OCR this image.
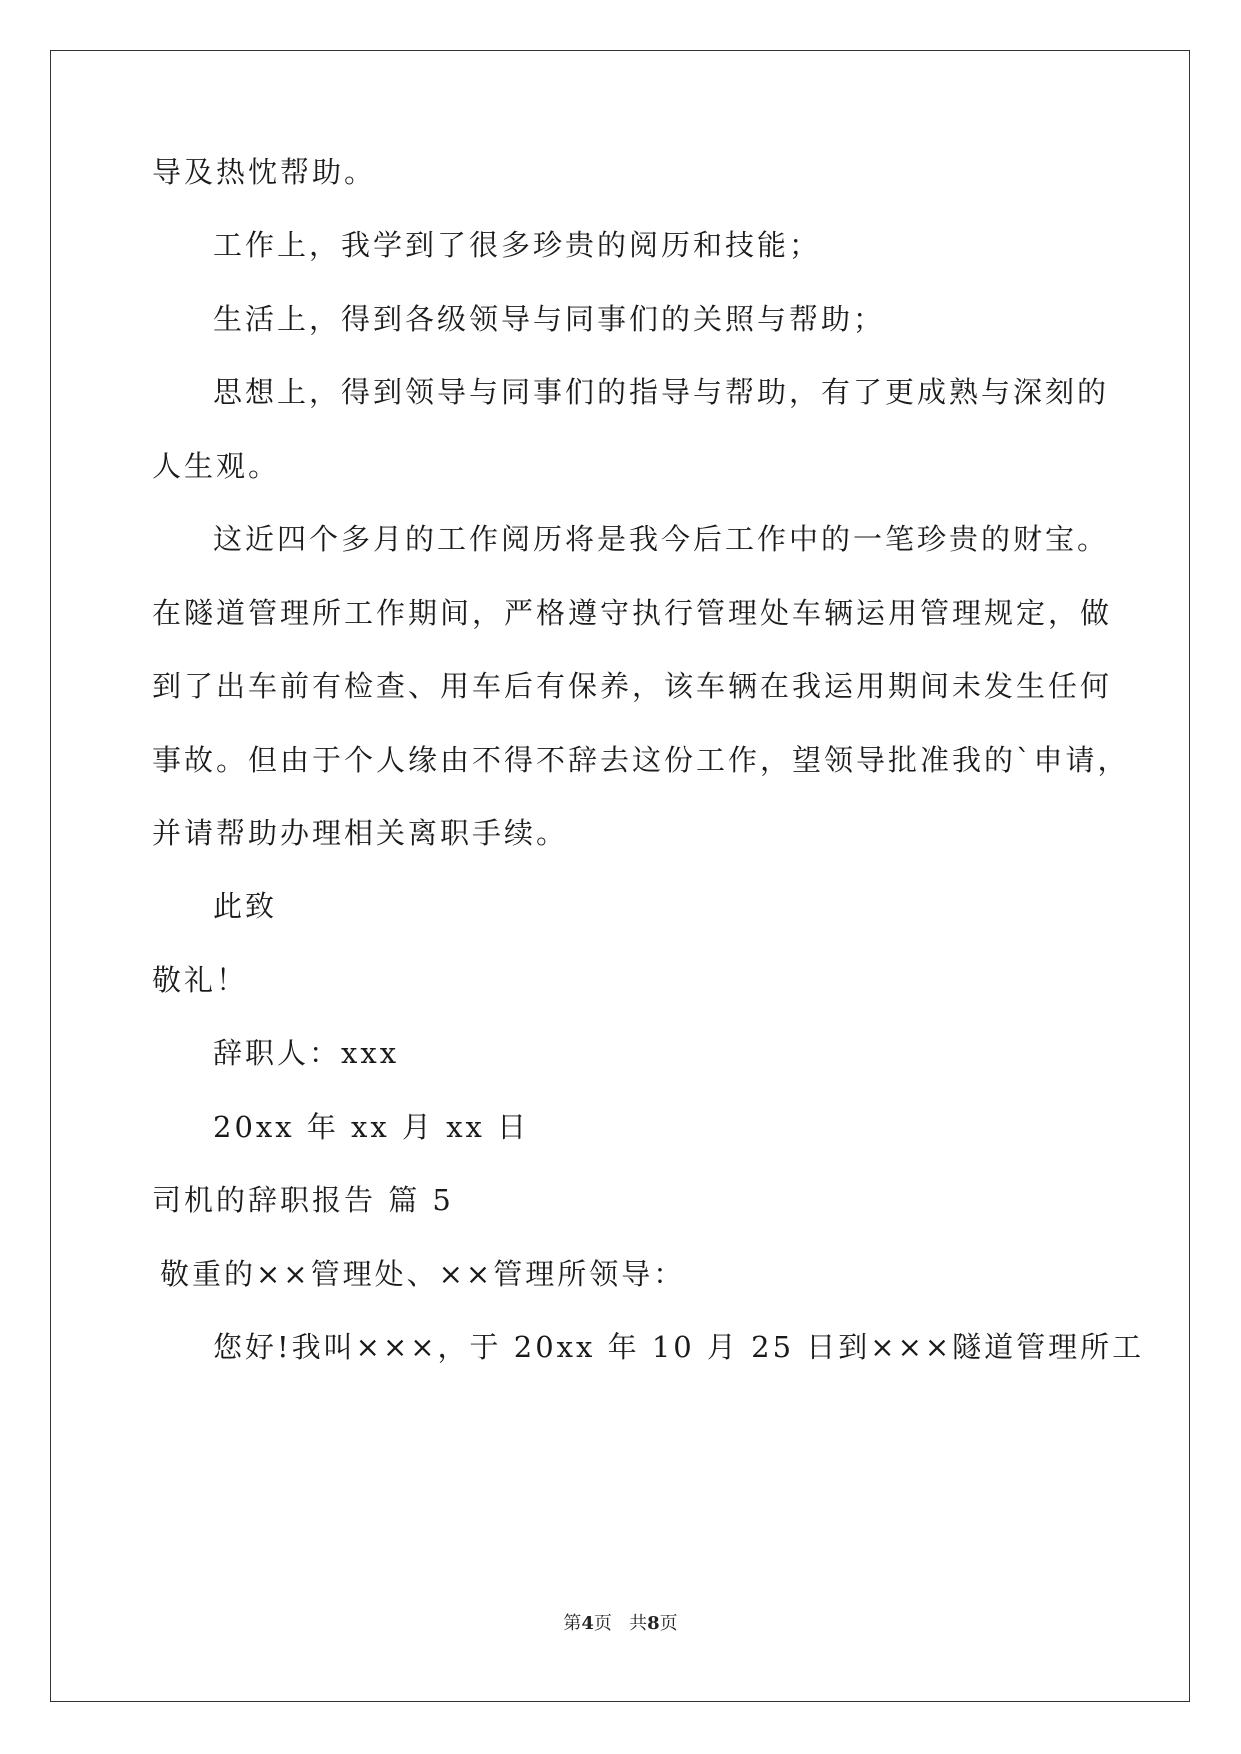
导及热忱帮助。
工作上，我学到了很多珍贵的阅历和技能；
生活上，得到各级领导与同事们的关照与帮助；
思想上，得到领导与同事们的指导与帮助，有了更成熟与深刻的
人生观。
这近四个多月的工作阅历将是我今后工作中的一笔珍贵的财宝。
在隧道管理所工作期间，严格遵守执行管理处车辆运用管理规定，做
到了出车前有检查、用车后有保养，该车辆在我运用期间未发生任何
事故。但由于个人缘由不得不辞去这份工作，望领导批准我的`申请，
并请帮助办理相关离职手续。
此致
敬礼！
辞职人：xxx
20xx 年 xx 月 xx 日
司机的辞职报告 篇 5
敬重的××管理处、××管理所领导：
您好!我叫×××，于 20xx 年 10 月 25 日到×××隧道管理所工
第4页   共8页
